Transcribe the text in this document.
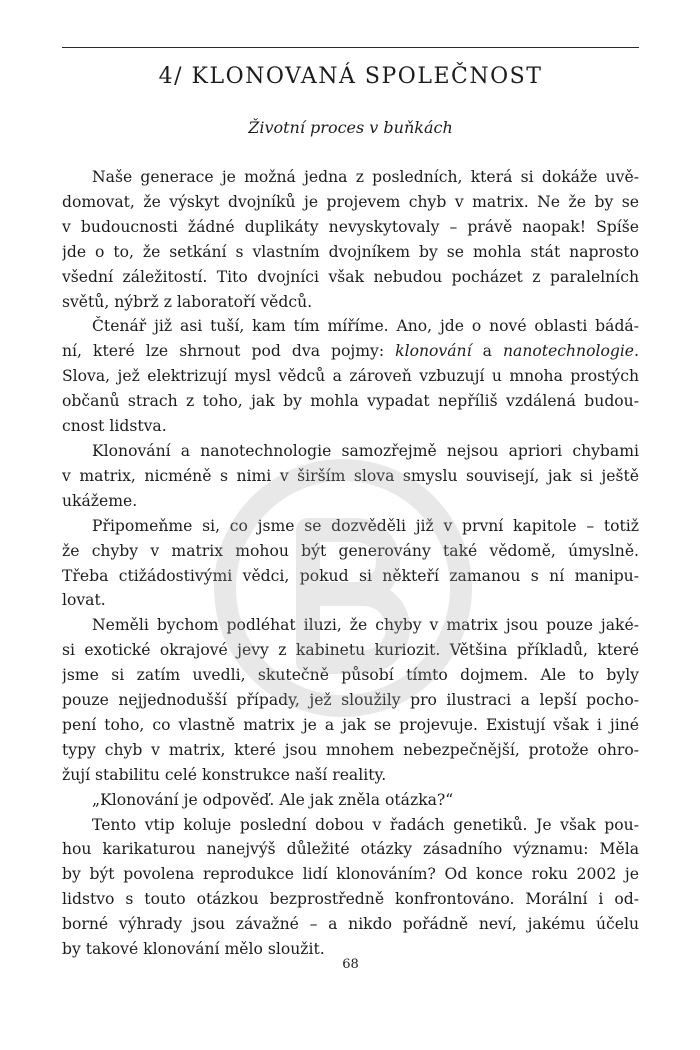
4/ KLONOVANÁ SPOLEČNOST

Životní proces v buňkách

Naše generace je možná jedna z posledních, která si dokáže uvě-
domovat, že výskyt dvojníků je projevem chyb v matrix. Ne že by se
v budoucnosti žádné duplikáty nevyskytovaly – právě naopak! Spíše
jde o to, že setkání s vlastním dvojníkem by se mohla stát naprosto
všední záležitostí. Tito dvojníci však nebudou pocházet z paralelních
světů, nýbrž z laboratoří vědců.

Čtenář již asi tuší, kam tím míříme. Ano, jde o nové oblasti bádá-
ní, které lze shrnout pod dva pojmy: klonování a nanotechnologie.
Slova, jež elektrizují mysl vědců a zároveň vzbuzují u mnoha prostých
občanů strach z toho, jak by mohla vypadat nepříliš vzdálená budou-
cnost lidstva.

Klonování a nanotechnologie samozřejmě nejsou apriori chybami
v matrix, nicméně s nimi v širším slova smyslu souvisejí, jak si ještě
ukážeme.

Připomeňme si, co jsme se dozvěděli již v první kapitole – totiž
že chyby v matrix mohou být generovány také vědomě, úmyslně.
Třeba ctižádostivými vědci, pokud si někteří zamanou s ní manipu-
lovat.

Neměli bychom podléhat iluzi, že chyby v matrix jsou pouze jaké-
si exotické okrajové jevy z kabinetu kuriozit. Většina příkladů, které
jsme si zatím uvedli, skutečně působí tímto dojmem. Ale to byly
pouze nejjednodušší případy, jež sloužily pro ilustraci a lepší pocho-
pení toho, co vlastně matrix je a jak se projevuje. Existují však i jiné
typy chyb v matrix, které jsou mnohem nebezpečnější, protože ohro-
žují stabilitu celé konstrukce naší reality.

„Klonování je odpověď. Ale jak zněla otázka?“

Tento vtip koluje poslední dobou v řadách genetiků. Je však pou-
hou karikaturou nanejvýš důležité otázky zásadního významu: Měla
by být povolena reprodukce lidí klonováním? Od konce roku 2002 je
lidstvo s touto otázkou bezprostředně konfrontováno. Morální i od-
borné výhrady jsou závažné – a nikdo pořádně neví, jakému účelu
by takové klonování mělo sloužit.

68
